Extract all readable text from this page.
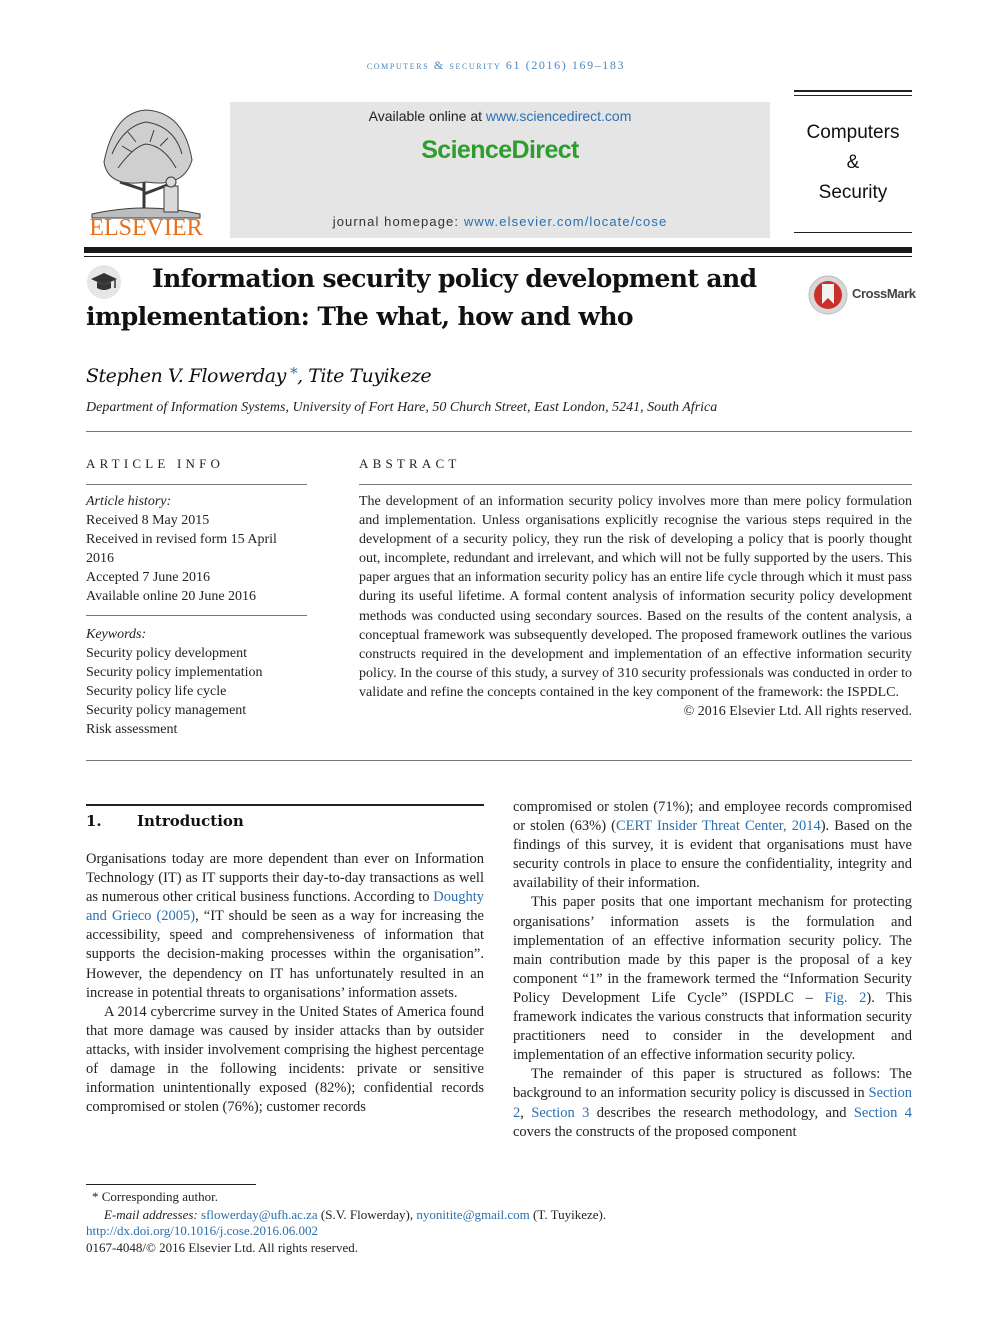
computers & security 61 (2016) 169–183
ELSEVIER
Available online at www.sciencedirect.com
ScienceDirect
journal homepage: www.elsevier.com/locate/cose
Computers
&
Security
Information security policy development and
implementation: The what, how and who
CrossMark
Stephen V. Flowerday *, Tite Tuyikeze
Department of Information Systems, University of Fort Hare, 50 Church Street, East London, 5241, South Africa
ARTICLE INFO
Article history:
Received 8 May 2015
Received in revised form 15 April
2016
Accepted 7 June 2016
Available online 20 June 2016
Keywords:
Security policy development
Security policy implementation
Security policy life cycle
Security policy management
Risk assessment
ABSTRACT
The development of an information security policy involves more than mere policy formulation and implementation. Unless organisations explicitly recognise the various steps required in the development of a security policy, they run the risk of developing a policy that is poorly thought out, incomplete, redundant and irrelevant, and which will not be fully supported by the users. This paper argues that an information security policy has an entire life cycle through which it must pass during its useful lifetime. A formal content analysis of information security policy development methods was conducted using secondary sources. Based on the results of the content analysis, a conceptual framework was subsequently developed. The proposed framework outlines the various constructs required in the development and implementation of an effective information security policy. In the course of this study, a survey of 310 security professionals was conducted in order to validate and refine the concepts contained in the key component of the framework: the ISPDLC.
© 2016 Elsevier Ltd. All rights reserved.
1. Introduction

Organisations today are more dependent than ever on Information Technology (IT) as IT supports their day-to-day transactions as well as numerous other critical business functions. According to Doughty and Grieco (2005), “IT should be seen as a way for increasing the accessibility, speed and comprehensiveness of information that supports the decision-making processes within the organisation”. However, the dependency on IT has unfortunately resulted in an increase in potential threats to organisations’ information assets.

A 2014 cybercrime survey in the United States of America found that more damage was caused by insider attacks than by outsider attacks, with insider involvement comprising the highest percentage of damage in the following incidents: private or sensitive information unintentionally exposed (82%); confidential records compromised or stolen (76%); customer records

compromised or stolen (71%); and employee records compromised or stolen (63%) (CERT Insider Threat Center, 2014). Based on the findings of this survey, it is evident that organisations must have security controls in place to ensure the confidentiality, integrity and availability of their information.

This paper posits that one important mechanism for protecting organisations’ information assets is the formulation and implementation of an effective information security policy. The main contribution made by this paper is the proposal of a key component “1” in the framework termed the “Information Security Policy Development Life Cycle” (ISPDLC – Fig. 2). This framework indicates the various constructs that information security practitioners need to consider in the development and implementation of an effective information security policy.

The remainder of this paper is structured as follows: The background to an information security policy is discussed in Section 2, Section 3 describes the research methodology, and Section 4 covers the constructs of the proposed component

* Corresponding author.
E-mail addresses: sflowerday@ufh.ac.za (S.V. Flowerday), nyonitite@gmail.com (T. Tuyikeze).
http://dx.doi.org/10.1016/j.cose.2016.06.002
0167-4048/© 2016 Elsevier Ltd. All rights reserved.
